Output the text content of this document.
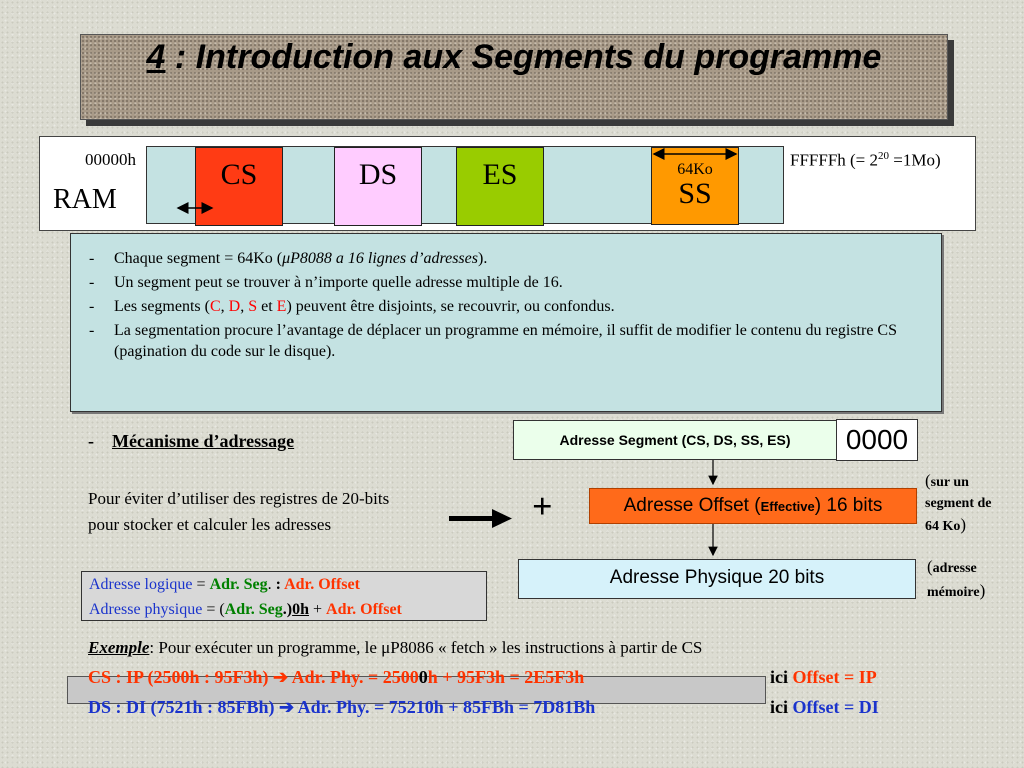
4 : Introduction aux Segments du programme
CS	DS	ES	64Ko
SS
00000h
RAM
FFFFFh (= $2^{20} =1Mo$)
- Chaque segment = 64Ko (μP8088 a 16 lignes d’adresses).
- Un segment peut se trouver à n’importe quelle adresse multiple de 16.
- Les segments (C, D, S et E) peuvent être disjoints, se recouvrir, ou confondus.
- La segmentation procure l’avantage de déplacer un programme en mémoire, il suffit de modifier le contenu du registre CS (pagination du code sur le disque).
- Mécanisme d’adressage
Pour éviter d’utiliser des registres de 20-bits
pour stocker et calculer les adresses
Adresse Segment (CS, DS, SS, ES)	0000
+	Adresse Offset (Effective) 16 bits
Adresse Physique 20 bits
(sur un segment de 64 Ko)
(adresse mémoire)
Adresse logique = Adr. Seg. : Adr. Offset
Adresse physique = (Adr. Seg.)0h + Adr. Offset
Exemple: Pour exécuter un programme, le μP8086 « fetch » les instructions à partir de CS
CS : IP (2500h : 95F3h) ➔ Adr. Phy. = 25000h + 95F3h = 2E5F3h	ici Offset = IP
DS : DI (7521h : 85FBh) ➔ Adr. Phy. = 75210h + 85FBh = 7D81Bh	ici Offset = DI
